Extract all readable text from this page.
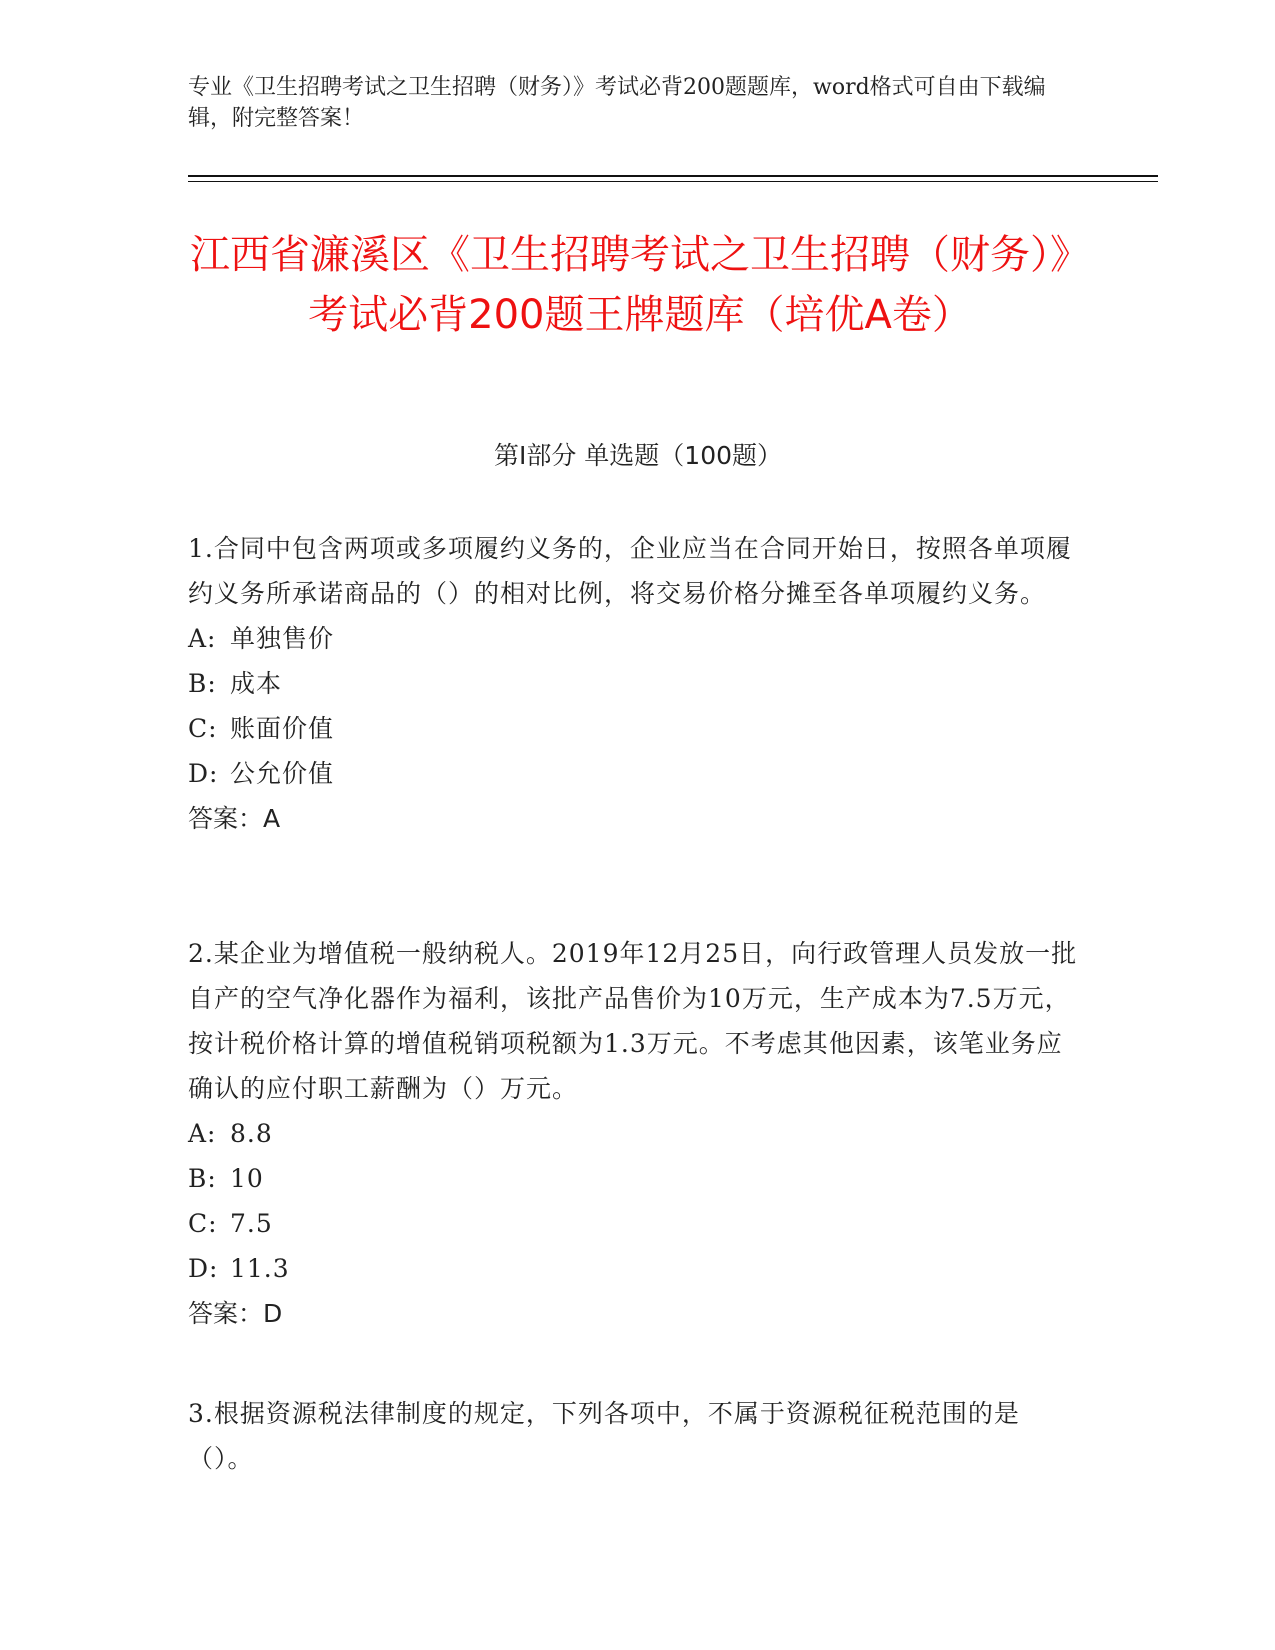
专业《卫生招聘考试之卫生招聘（财务）》考试必背200题题库，word格式可自由下载编辑，附完整答案！
江西省濂溪区《卫生招聘考试之卫生招聘（财务）》考试必背200题王牌题库（培优A卷）
第I部分 单选题（100题）
1.合同中包含两项或多项履约义务的，企业应当在合同开始日，按照各单项履约义务所承诺商品的（）的相对比例，将交易价格分摊至各单项履约义务。
A: 单独售价
B: 成本
C: 账面价值
D: 公允价值
答案：A
2.某企业为增值税一般纳税人。2019年12月25日，向行政管理人员发放一批自产的空气净化器作为福利，该批产品售价为10万元，生产成本为7.5万元，按计税价格计算的增值税销项税额为1.3万元。不考虑其他因素，该笔业务应确认的应付职工薪酬为（）万元。
A: 8.8
B: 10
C: 7.5
D: 11.3
答案：D
3.根据资源税法律制度的规定，下列各项中，不属于资源税征税范围的是（）。
